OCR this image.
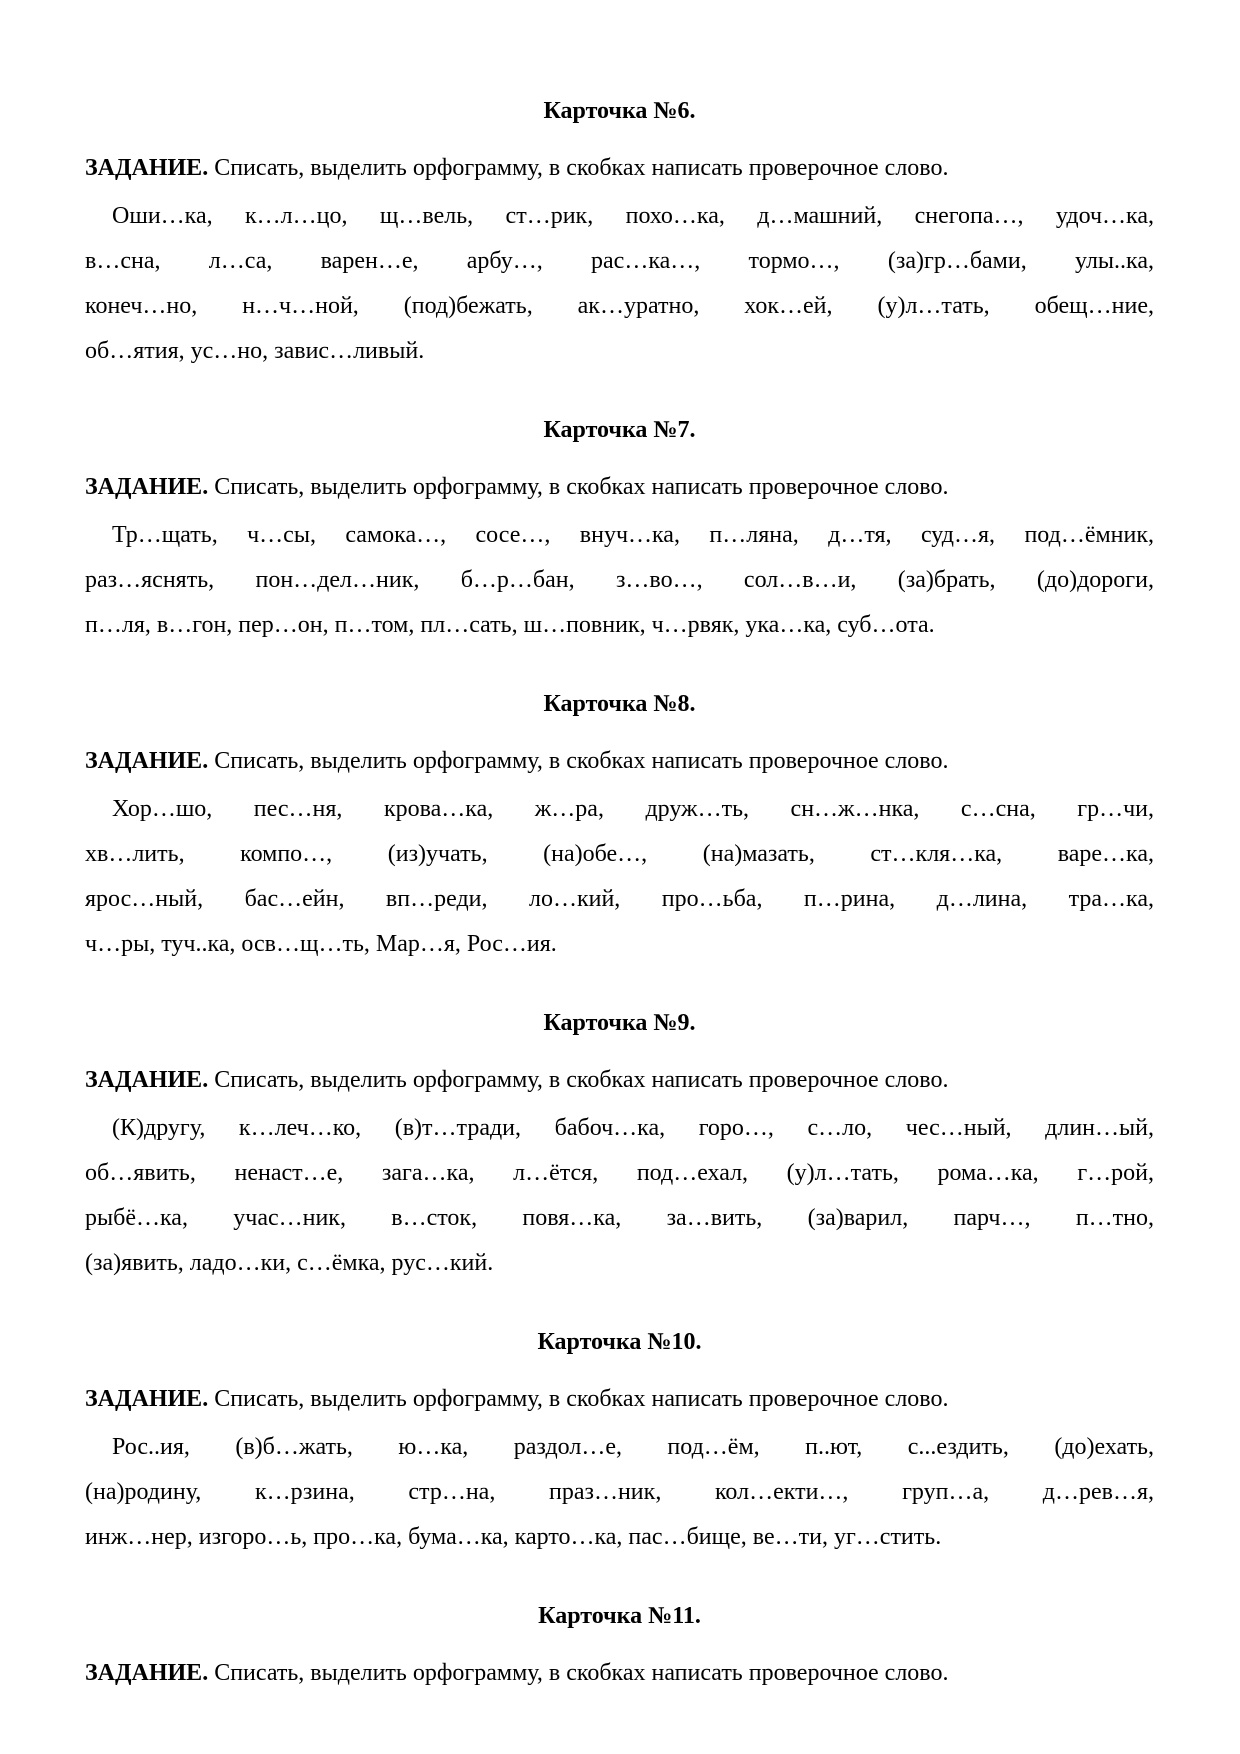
Карточка №6.

ЗАДАНИЕ. Списать, выделить орфограмму, в скобках написать проверочное слово.

Оши…ка, к…л…цо, щ…вель, ст…рик, похо…ка, д…машний, снегопа…, удоч…ка,
в…сна, л…са, варен…е, арбу…, рас…ка…, тормо…, (за)гр…бами, улы..ка,
конеч…но, н…ч…ной, (под)бежать, ак…уратно, хок…ей, (у)л…тать, обещ…ние,
об…ятия, ус…но, завис…ливый.
Карточка №7.

ЗАДАНИЕ. Списать, выделить орфограмму, в скобках написать проверочное слово.

Тр…щать, ч…сы, самока…, сосе…, внуч…ка, п…ляна, д…тя, суд…я, под…ёмник,
раз…яснять, пон…дел…ник, б…р…бан, з…во…, сол…в…и, (за)брать, (до)дороги,
п…ля, в…гон, пер…он, п…том, пл…сать, ш…повник, ч…рвяк, ука…ка, суб…ота.
Карточка №8.

ЗАДАНИЕ. Списать, выделить орфограмму, в скобках написать проверочное слово.

Хор…шо, пес…ня, крова…ка, ж…ра, друж…ть, сн…ж…нка, с…сна, гр…чи,
хв…лить, компо…, (из)учать, (на)обе…, (на)мазать, ст…кля…ка, варе…ка,
ярос…ный, бас…ейн, вп…реди, ло…кий, про…ьба, п…рина, д…лина, тра…ка,
ч…ры, туч..ка, осв…щ…ть, Мар…я, Рос…ия.
Карточка №9.

ЗАДАНИЕ. Списать, выделить орфограмму, в скобках написать проверочное слово.

(К)другу, к…леч…ко, (в)т…тради, бабоч…ка, горо…, с…ло, чес…ный, длин…ый,
об…явить, ненаст…е, зага…ка, л…ётся, под…ехал, (у)л…тать, рома…ка, г…рой,
рыбё…ка, учас…ник, в…сток, повя…ка, за…вить, (за)варил, парч…, п…тно,
(за)явить, ладо…ки, с…ёмка, рус…кий.
Карточка №10.

ЗАДАНИЕ. Списать, выделить орфограмму, в скобках написать проверочное слово.

Рос..ия, (в)б…жать, ю…ка, раздол…е, под…ём, п..ют, с...ездить, (до)ехать,
(на)родину, к…рзина, стр…на, праз…ник, кол…екти…, груп…а, д…рев…я,
инж…нер, изгоро…ь, про…ка, бума…ка, карто…ка, пас…бище, ве…ти, уг…стить.
Карточка №11.

ЗАДАНИЕ. Списать, выделить орфограмму, в скобках написать проверочное слово.
